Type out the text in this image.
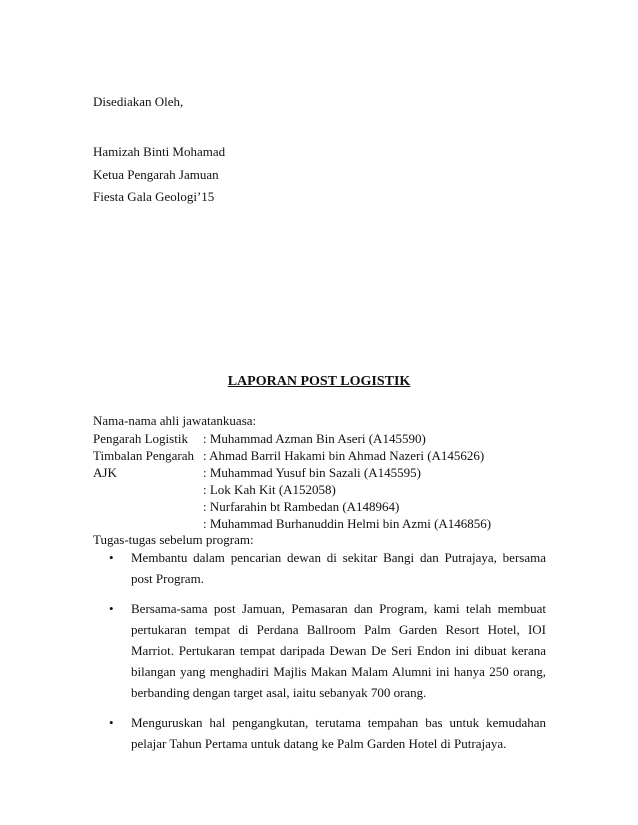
Disediakan Oleh,
Hamizah Binti Mohamad
Ketua Pengarah Jamuan
Fiesta Gala Geologi’15
LAPORAN POST LOGISTIK
Nama-nama ahli jawatankuasa:
Pengarah Logistik : Muhammad Azman Bin Aseri (A145590)
Timbalan Pengarah : Ahmad Barril Hakami bin Ahmad Nazeri (A145626)
AJK	: Muhammad Yusuf bin Sazali (A145595)
: Lok Kah Kit (A152058)
: Nurfarahin bt Rambedan (A148964)
: Muhammad Burhanuddin Helmi bin Azmi (A146856)
Tugas-tugas sebelum program:
• Membantu dalam pencarian dewan di sekitar Bangi dan Putrajaya, bersama post Program.
• Bersama-sama post Jamuan, Pemasaran dan Program, kami telah membuat pertukaran tempat di Perdana Ballroom Palm Garden Resort Hotel, IOI Marriot. Pertukaran tempat daripada Dewan De Seri Endon ini dibuat kerana bilangan yang menghadiri Majlis Makan Malam Alumni ini hanya 250 orang, berbanding dengan target asal, iaitu sebanyak 700 orang.
• Menguruskan hal pengangkutan, terutama tempahan bas untuk kemudahan pelajar Tahun Pertama untuk datang ke Palm Garden Hotel di Putrajaya.
